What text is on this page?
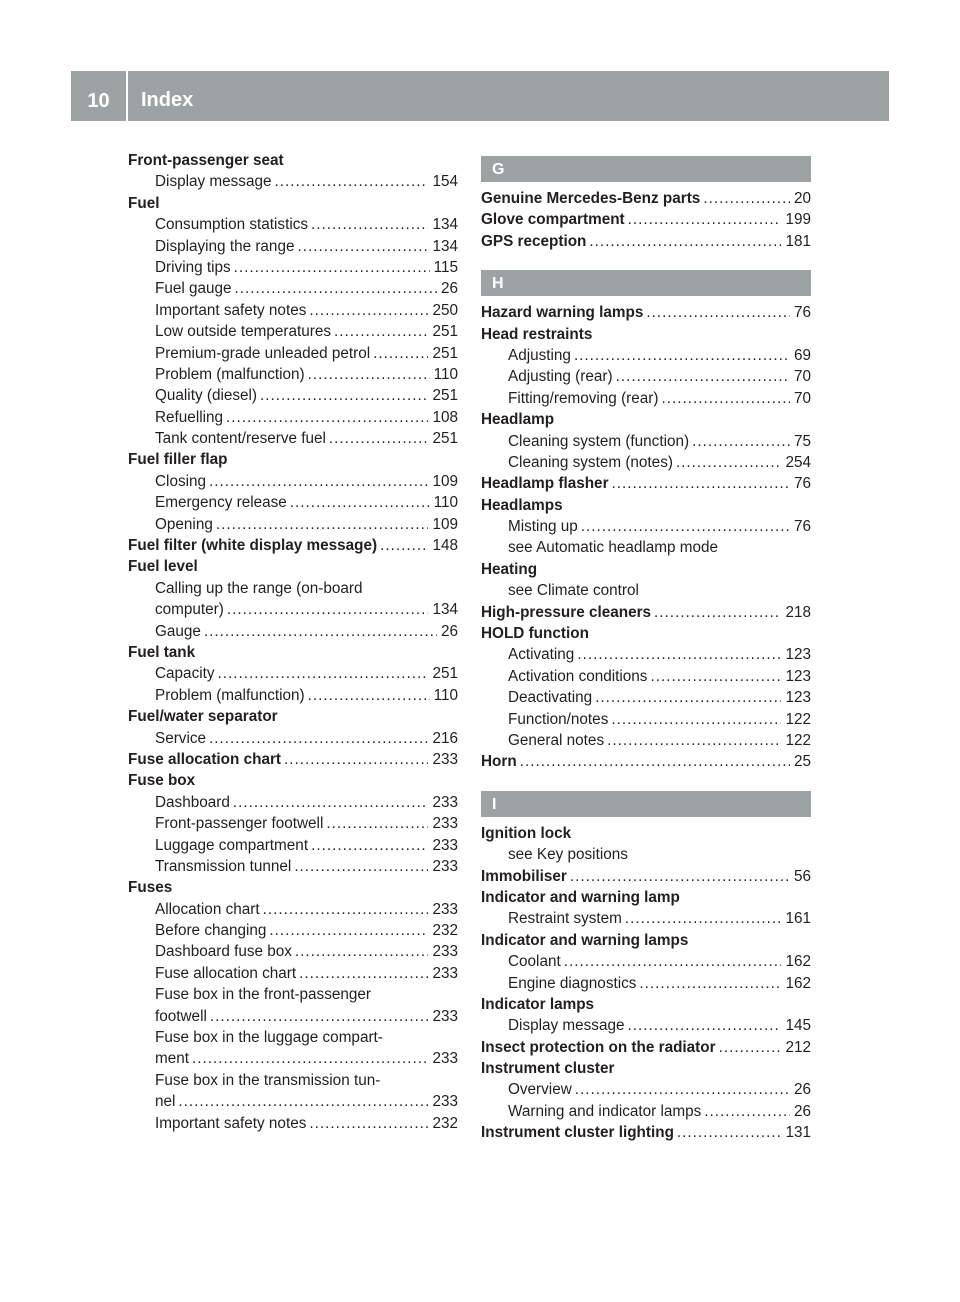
10	Index
Front-passenger seat
Display message .....	154
Fuel
Consumption statistics .....	134
Displaying the range .....	134
Driving tips .....	115
Fuel gauge .....	26
Important safety notes .....	250
Low outside temperatures .....	251
Premium-grade unleaded petrol .....	251
Problem (malfunction) .....	110
Quality (diesel) .....	251
Refuelling .....	108
Tank content/reserve fuel .....	251
Fuel filler flap
Closing .....	109
Emergency release .....	110
Opening .....	109
Fuel filter (white display message) .....	148
Fuel level
Calling up the range (on-board
computer) .....	134
Gauge .....	26
Fuel tank
Capacity .....	251
Problem (malfunction) .....	110
Fuel/water separator
Service .....	216
Fuse allocation chart .....	233
Fuse box
Dashboard .....	233
Front-passenger footwell .....	233
Luggage compartment .....	233
Transmission tunnel .....	233
Fuses
Allocation chart .....	233
Before changing .....	232
Dashboard fuse box .....	233
Fuse allocation chart .....	233
Fuse box in the front-passenger
footwell .....	233
Fuse box in the luggage compart-
ment .....	233
Fuse box in the transmission tun-
nel .....	233
Important safety notes .....	232
G
Genuine Mercedes-Benz parts .....	20
Glove compartment .....	199
GPS reception .....	181
H
Hazard warning lamps .....	76
Head restraints
Adjusting .....	69
Adjusting (rear) .....	70
Fitting/removing (rear) .....	70
Headlamp
Cleaning system (function) .....	75
Cleaning system (notes) .....	254
Headlamp flasher .....	76
Headlamps
Misting up .....	76
see Automatic headlamp mode
Heating
see Climate control
High-pressure cleaners .....	218
HOLD function
Activating .....	123
Activation conditions .....	123
Deactivating .....	123
Function/notes .....	122
General notes .....	122
Horn .....	25
I
Ignition lock
see Key positions
Immobiliser .....	56
Indicator and warning lamp
Restraint system .....	161
Indicator and warning lamps
Coolant .....	162
Engine diagnostics .....	162
Indicator lamps
Display message .....	145
Insect protection on the radiator .....	212
Instrument cluster
Overview .....	26
Warning and indicator lamps .....	26
Instrument cluster lighting .....	131
